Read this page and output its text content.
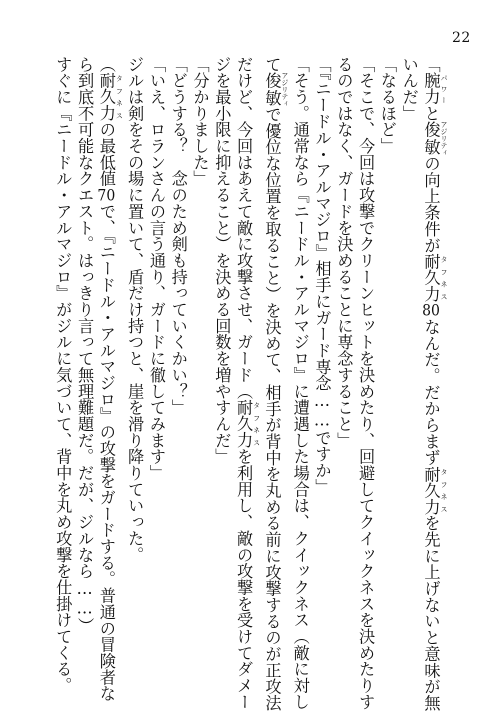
22
「腕力 パワーと俊敏 アジリティの向上条件が耐久力 タフネス80なんだ。だからまず耐久力 タフネスを先に上げないと意味が無
いんだ」
「なるほど」
「そこで、今回は攻撃でクリーンヒットを決めたり、回避してクイックネスを決めたりす
るのではなく、ガードを決めることに専念すること」
「『ニードル・アルマジロ』相手にガード専念……ですか」
「そう。通常なら『ニードル・アルマジロ』に遭遇した場合は、クイックネス（敵に対し
て俊敏 アジリティで優位な位置を取ること）を決めて、相手が背中を丸める前に攻撃するのが正攻法
だけど、今回はあえて敵に攻撃させ、ガード（耐久力 タフネスを利用し、敵の攻撃を受けてダメー
ジを最小限に抑えること）を決める回数を増やすんだ」
「分かりました」
「どうする？　念のため剣も持っていくかい？」
「いえ、ロランさんの言う通り、ガードに徹してみます」
ジルは剣をその場に置いて、盾だけ持つと、崖を滑り降りていった。
（耐久力 タフネスの最低値70で、『ニードル・アルマジロ』の攻撃をガードする。普通の冒険者な
ら到底不可能なクエスト。はっきり言って無理難題だ。だが、ジルなら……）
すぐに『ニードル・アルマジロ』がジルに気づいて、背中を丸め攻撃を仕掛けてくる。
